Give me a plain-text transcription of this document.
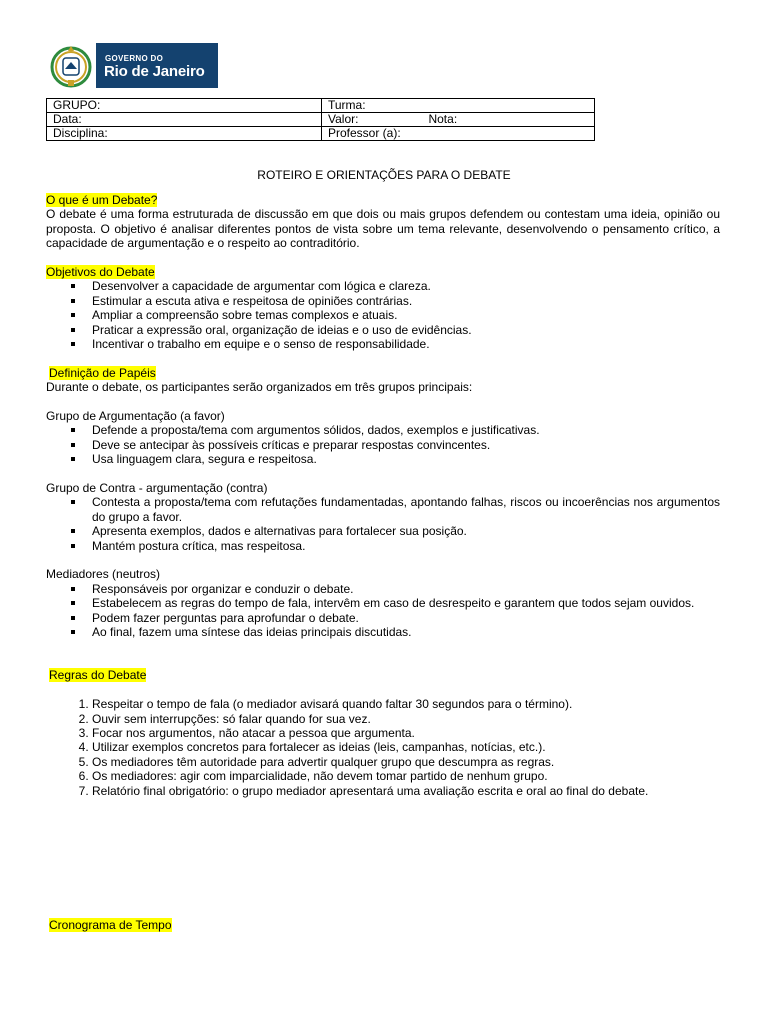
GOVERNO DO
Rio de Janeiro
GRUPO:	Turma:
Data:	Valor: Nota:
Disciplina:	Professor (a):
ROTEIRO E ORIENTAÇÕES PARA O DEBATE

O que é um Debate?

O debate é uma forma estruturada de discussão em que dois ou mais grupos defendem ou contestam uma ideia, opinião ou proposta. O objetivo é analisar diferentes pontos de vista sobre um tema relevante, desenvolvendo o pensamento crítico, a capacidade de argumentação e o respeito ao contraditório.

Objetivos do Debate

Desenvolver a capacidade de argumentar com lógica e clareza.
Estimular a escuta ativa e respeitosa de opiniões contrárias.
Ampliar a compreensão sobre temas complexos e atuais.
Praticar a expressão oral, organização de ideias e o uso de evidências.
Incentivar o trabalho em equipe e o senso de responsabilidade.

Definição de Papéis

Durante o debate, os participantes serão organizados em três grupos principais:

Grupo de Argumentação (a favor)

Defende a proposta/tema com argumentos sólidos, dados, exemplos e justificativas.
Deve se antecipar às possíveis críticas e preparar respostas convincentes.
Usa linguagem clara, segura e respeitosa.

Grupo de Contra - argumentação (contra)

Contesta a proposta/tema com refutações fundamentadas, apontando falhas, riscos ou incoerências nos argumentos do grupo a favor.
Apresenta exemplos, dados e alternativas para fortalecer sua posição.
Mantém postura crítica, mas respeitosa.

Mediadores (neutros)

Responsáveis por organizar e conduzir o debate.
Estabelecem as regras do tempo de fala, intervêm em caso de desrespeito e garantem que todos sejam ouvidos.
Podem fazer perguntas para aprofundar o debate.
Ao final, fazem uma síntese das ideias principais discutidas.

Regras do Debate

1. Respeitar o tempo de fala (o mediador avisará quando faltar 30 segundos para o término).
2. Ouvir sem interrupções: só falar quando for sua vez.
3. Focar nos argumentos, não atacar a pessoa que argumenta.
4. Utilizar exemplos concretos para fortalecer as ideias (leis, campanhas, notícias, etc.).
5. Os mediadores têm autoridade para advertir qualquer grupo que descumpra as regras.
6. Os mediadores: agir com imparcialidade, não devem tomar partido de nenhum grupo.
7. Relatório final obrigatório: o grupo mediador apresentará uma avaliação escrita e oral ao final do debate.
Cronograma de Tempo
